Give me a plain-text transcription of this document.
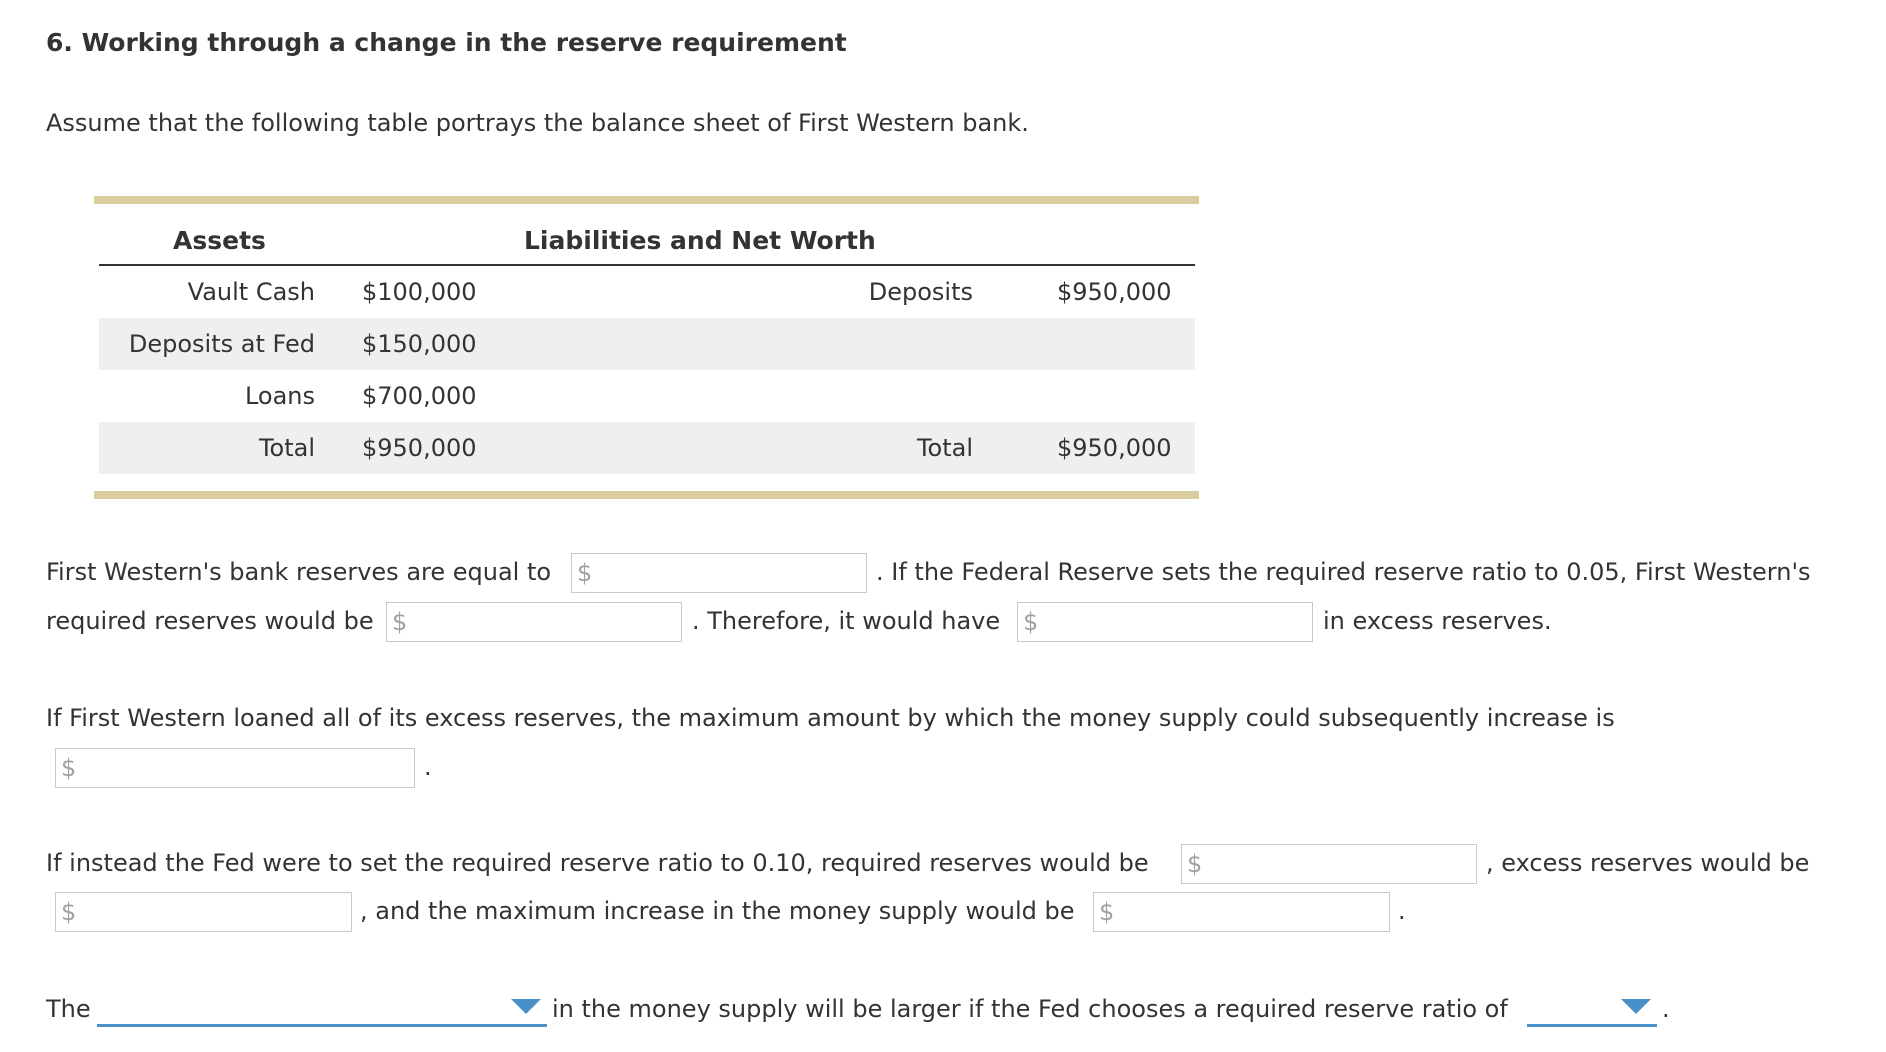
6. Working through a change in the reserve requirement
Assume that the following table portrays the balance sheet of First Western bank.
Assets	Liabilities and Net Worth
Vault Cash $100,000	Deposits	$950,000
Deposits at Fed $150,000
Loans $700,000
Total $950,000	Total	$950,000
First Western's bank reserves are equal to $	. If the Federal Reserve sets the required reserve ratio to 0.05, First Western's
required reserves would be $	. Therefore, it would have $	in excess reserves.
If First Western loaned all of its excess reserves, the maximum amount by which the money supply could subsequently increase is
$	.
If instead the Fed were to set the required reserve ratio to 0.10, required reserves would be $	, excess reserves would be
$	, and the maximum increase in the money supply would be $	.
The	in the money supply will be larger if the Fed chooses a required reserve ratio of	.
